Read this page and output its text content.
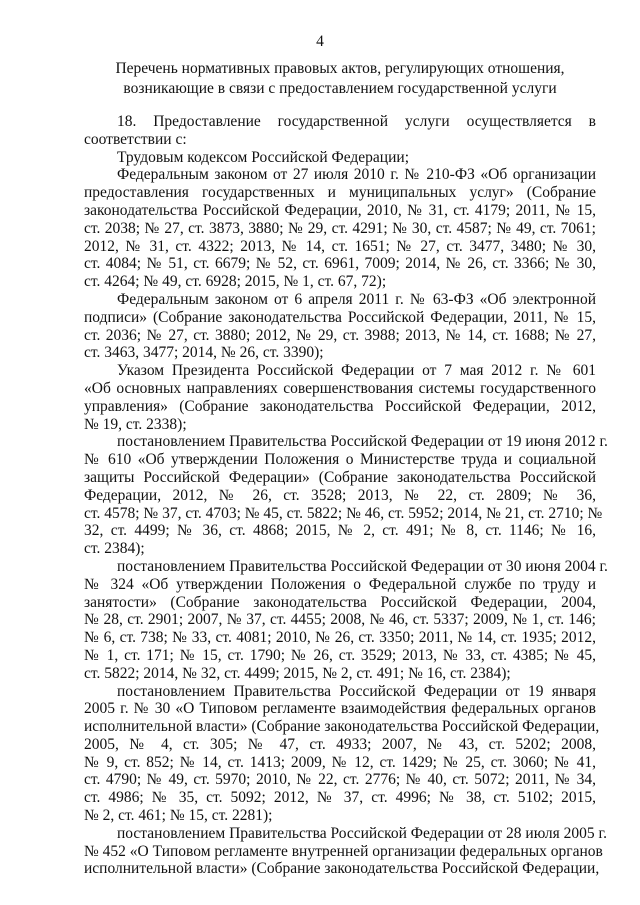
4
Перечень нормативных правовых актов, регулирующих отношения,
возникающие в связи с предоставлением государственной услуги
18. Предоставление государственной услуги осуществляется в
соответствии с:
Трудовым кодексом Российской Федерации;
Федеральным законом от 27 июля 2010 г. № 210-ФЗ «Об организации
предоставления государственных и муниципальных услуг» (Собрание
законодательства Российской Федерации, 2010, № 31, ст. 4179; 2011, № 15,
ст. 2038; № 27, ст. 3873, 3880; № 29, ст. 4291; № 30, ст. 4587; № 49, ст. 7061;
2012, № 31, ст. 4322; 2013, № 14, ст. 1651; № 27, ст. 3477, 3480; № 30,
ст. 4084; № 51, ст. 6679; № 52, ст. 6961, 7009; 2014, № 26, ст. 3366; № 30,
ст. 4264; № 49, ст. 6928; 2015, № 1, ст. 67, 72);
Федеральным законом от 6 апреля 2011 г. № 63-ФЗ «Об электронной
подписи» (Собрание законодательства Российской Федерации, 2011, № 15,
ст. 2036; № 27, ст. 3880; 2012, № 29, ст. 3988; 2013, № 14, ст. 1688; № 27,
ст. 3463, 3477; 2014, № 26, ст. 3390);
Указом Президента Российской Федерации от 7 мая 2012 г. № 601
«Об основных направлениях совершенствования системы государственного
управления» (Собрание законодательства Российской Федерации, 2012,
№ 19, ст. 2338);
постановлением Правительства Российской Федерации от 19 июня 2012 г.
№ 610 «Об утверждении Положения о Министерстве труда и социальной
защиты Российской Федерации» (Собрание законодательства Российской
Федерации, 2012, № 26, ст. 3528; 2013, № 22, ст. 2809; № 36,
ст. 4578; № 37, ст. 4703; № 45, ст. 5822; № 46, ст. 5952; 2014, № 21, ст. 2710; №
32, ст. 4499; № 36, ст. 4868; 2015, № 2, ст. 491; № 8, ст. 1146; № 16,
ст. 2384);
постановлением Правительства Российской Федерации от 30 июня 2004 г.
№ 324 «Об утверждении Положения о Федеральной службе по труду и
занятости» (Собрание законодательства Российской Федерации, 2004,
№ 28, ст. 2901; 2007, № 37, ст. 4455; 2008, № 46, ст. 5337; 2009, № 1, ст. 146;
№ 6, ст. 738; № 33, ст. 4081; 2010, № 26, ст. 3350; 2011, № 14, ст. 1935; 2012,
№ 1, ст. 171; № 15, ст. 1790; № 26, ст. 3529; 2013, № 33, ст. 4385; № 45,
ст. 5822; 2014, № 32, ст. 4499; 2015, № 2, ст. 491; № 16, ст. 2384);
постановлением Правительства Российской Федерации от 19 января
2005 г. № 30 «О Типовом регламенте взаимодействия федеральных органов
исполнительной власти» (Собрание законодательства Российской Федерации,
2005, № 4, ст. 305; № 47, ст. 4933; 2007, № 43, ст. 5202; 2008,
№ 9, ст. 852; № 14, ст. 1413; 2009, № 12, ст. 1429; № 25, ст. 3060; № 41,
ст. 4790; № 49, ст. 5970; 2010, № 22, ст. 2776; № 40, ст. 5072; 2011, № 34,
ст. 4986; № 35, ст. 5092; 2012, № 37, ст. 4996; № 38, ст. 5102; 2015,
№ 2, ст. 461; № 15, ст. 2281);
постановлением Правительства Российской Федерации от 28 июля 2005 г.
№ 452 «О Типовом регламенте внутренней организации федеральных органов
исполнительной власти» (Собрание законодательства Российской Федерации,
